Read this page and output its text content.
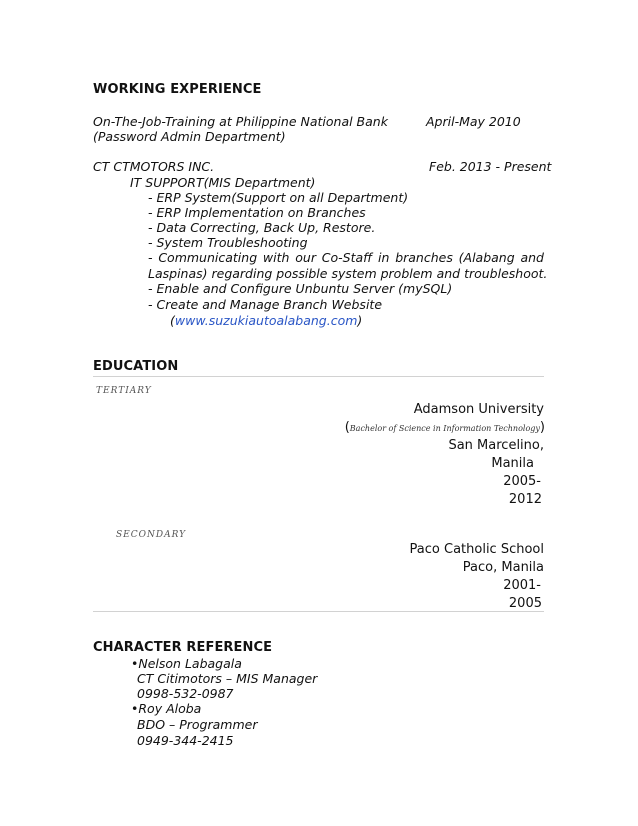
WORKING EXPERIENCE
On-The-Job-Training at Philippine National Bank	April-May 2010
(Password Admin Department)
CT CTMOTORS INC.	Feb. 2013 - Present
IT SUPPORT(MIS Department)
- ERP System(Support on all Department)
- ERP Implementation on Branches
- Data Correcting, Back Up, Restore.
- System Troubleshooting
- Communicating with our Co-Staff in branches (Alabang and
Laspinas) regarding possible system problem and troubleshoot.
- Enable and Configure Unbuntu Server (mySQL)
- Create and Manage Branch Website
(www.suzukiautoalabang.com)
EDUCATION
TERTIARY
Adamson University
(Bachelor of Science in Information Technology)
San Marcelino,
Manila
2005-
2012
SECONDARY
Paco Catholic School
Paco, Manila
2001-
2005
CHARACTER REFERENCE
•Nelson Labagala
CT Citimotors – MIS Manager
0998-532-0987
•Roy Aloba
BDO – Programmer
0949-344-2415
